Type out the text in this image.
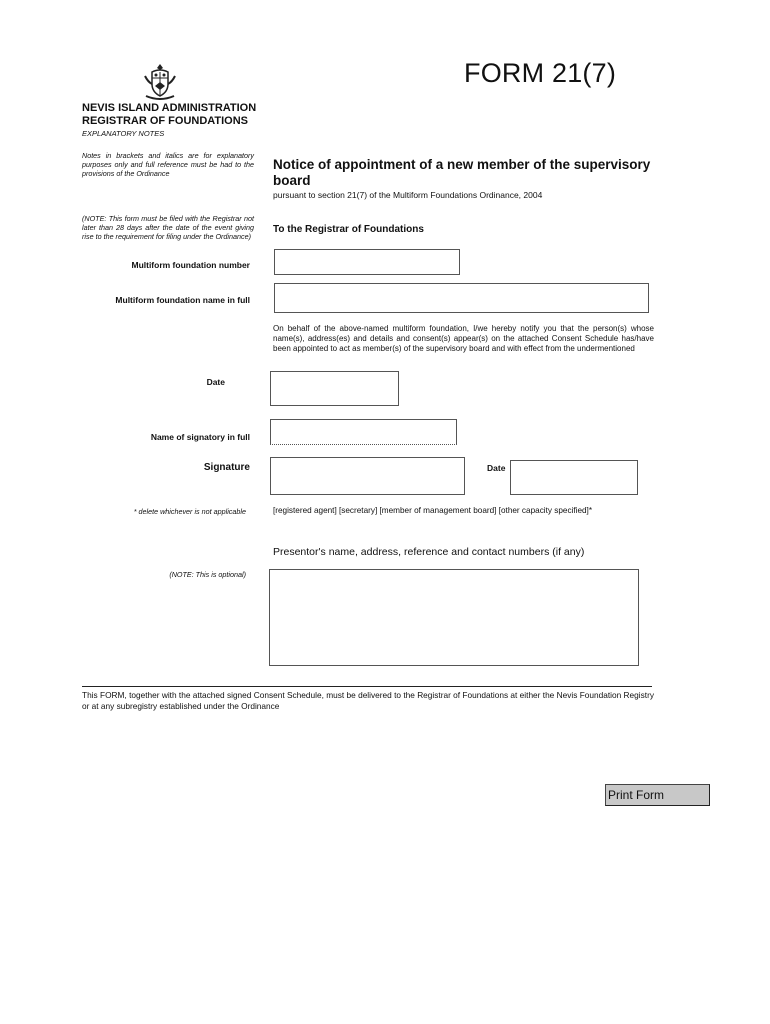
FORM 21(7)
NEVIS ISLAND ADMINISTRATION
REGISTRAR OF FOUNDATIONS
EXPLANATORY NOTES
Notes in brackets and italics are for explanatory purposes only and full reference must be had to the provisions of the Ordinance
(NOTE: This form must be filed with the Registrar not later than 28 days after the date of the event giving rise to the requirement for filing under the Ordinance)
Notice of appointment of a new member of the supervisory board
pursuant to section 21(7) of the Multiform Foundations Ordinance, 2004
To the Registrar of Foundations
Multiform foundation number
Multiform foundation name in full
On behalf of the above-named multiform foundation, I/we hereby notify you that the person(s) whose name(s), address(es) and details and consent(s) appear(s) on the attached Consent Schedule has/have been appointed to act as member(s) of the supervisory board and with effect from the undermentioned
Date
Name of signatory in full
Signature	Date
* delete whichever is not applicable	[registered agent] [secretary] [member of management board] [other capacity specified]*
Presentor's name, address, reference and contact numbers (if any)
(NOTE: This is optional)
This FORM, together with the attached signed Consent Schedule, must be delivered to the Registrar of Foundations at either the Nevis Foundation Registry or at any subregistry established under the Ordinance
Print Form
